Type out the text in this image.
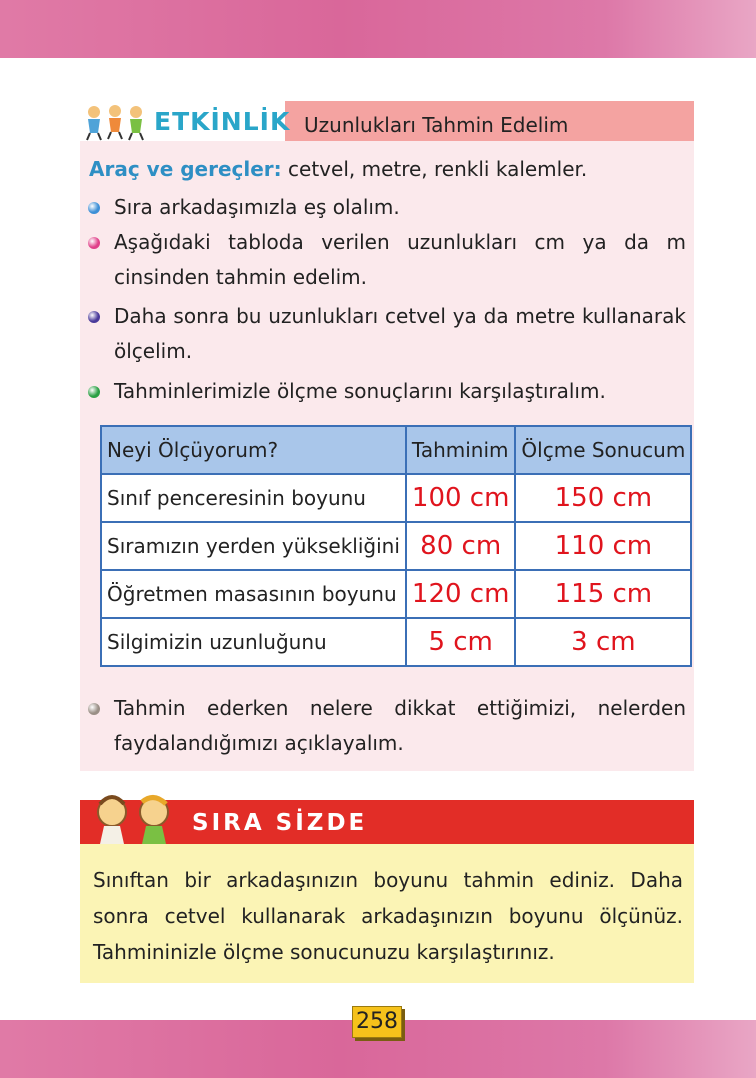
ETKİNLİK Uzunlukları Tahmin Edelim
Araç ve gereçler: cetvel, metre, renkli kalemler.
Sıra arkadaşımızla eş olalım.
Aşağıdaki tabloda verilen uzunlukları cm ya da m cinsinden tahmin edelim.
Daha sonra bu uzunlukları cetvel ya da metre kullanarak ölçelim.
Tahminlerimizle ölçme sonuçlarını karşılaştıralım.
Neyi Ölçüyorum?	Tahminim	Ölçme Sonucum
Sınıf penceresinin boyunu	100 cm	150 cm
Sıramızın yerden yüksekliğini	80 cm	110 cm
Öğretmen masasının boyunu	120 cm	115 cm
Silgimizin uzunluğunu	5 cm	3 cm
Tahmin ederken nelere dikkat ettiğimizi, nelerden faydalandığımızı açıklayalım.
SIRA SİZDE
Sınıftan bir arkadaşınızın boyunu tahmin ediniz. Daha sonra cetvel kullanarak arkadaşınızın boyunu ölçünüz. Tahmininizle ölçme sonucunuzu karşılaştırınız.
258
